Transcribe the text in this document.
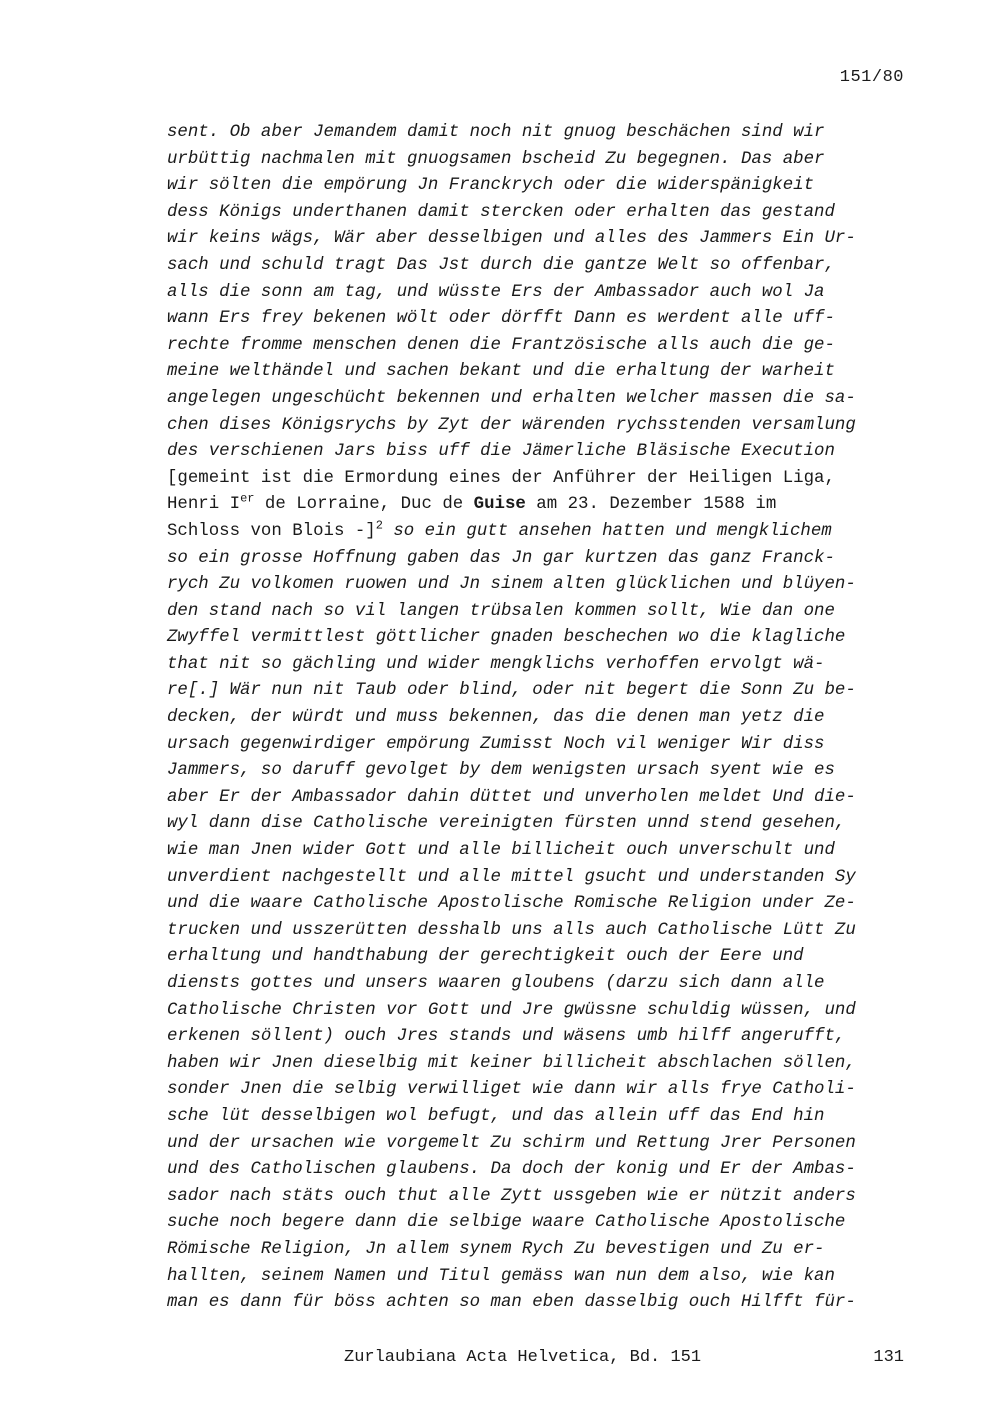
151/80
sent. Ob aber Jemandem damit noch nit gnuog beschächen sind wir
urbüttig nachmalen mit gnuogsamen bscheid Zu begegnen. Das aber
wir sölten die empörung Jn Franckrych oder die widerspänigkeit
dess Königs underthanen damit stercken oder erhalten das gestand
wir keins wägs, Wär aber desselbigen und alles des Jammers Ein Ur-
sach und schuld tragt Das Jst durch die gantze Welt so offenbar,
alls die sonn am tag, und wüsste Ers der Ambassador auch wol Ja
wann Ers frey bekenen wölt oder dörfft Dann es werdent alle uff-
rechte fromme menschen denen die Frantzösische alls auch die ge-
meine welthändel und sachen bekant und die erhaltung der warheit
angelegen ungeschücht bekennen und erhalten welcher massen die sa-
chen dises Königsrychs by Zyt der wärenden rychsstenden versamlung
des verschienen Jars biss uff die Jämerliche Bläsische Execution
[gemeint ist die Ermordung eines der Anführer der Heiligen Liga,
Henri Ier de Lorraine, Duc de Guise am 23. Dezember 1588 im
Schloss von Blois -]$^2$ so ein gutt ansehen hatten und mengklichem
so ein grosse Hoffnung gaben das Jn gar kurtzen das ganz Franck-
rych Zu volkomen ruowen und Jn sinem alten glücklichen und blüyen-
den stand nach so vil langen trübsalen kommen sollt, Wie dan one
Zwyffel vermittlest göttlicher gnaden beschechen wo die klagliche
that nit so gächling und wider mengklichs verhoffen ervolgt wä-
re[.] Wär nun nit Taub oder blind, oder nit begert die Sonn Zu be-
decken, der würdt und muss bekennen, das die denen man yetz die
ursach gegenwirdiger empörung Zumisst Noch vil weniger Wir diss
Jammers, so daruff gevolget by dem wenigsten ursach syent wie es
aber Er der Ambassador dahin düttet und unverholen meldet Und die-
wyl dann dise Catholische vereinigten fürsten unnd stend gesehen,
wie man Jnen wider Gott und alle billicheit ouch unverschult und
unverdient nachgestellt und alle mittel gsucht und understanden Sy
und die waare Catholische Apostolische Romische Religion under Ze-
trucken und usszerütten desshalb uns alls auch Catholische Lütt Zu
erhaltung und handthabung der gerechtigkeit ouch der Eere und
diensts gottes und unsers waaren gloubens (darzu sich dann alle
Catholische Christen vor Gott und Jre gwüssne schuldig wüssen, und
erkenen söllent) ouch Jres stands und wäsens umb hilff angerufft,
haben wir Jnen dieselbig mit keiner billicheit abschlachen söllen,
sonder Jnen die selbig verwilliget wie dann wir alls frye Catholi-
sche lüt desselbigen wol befugt, und das allein uff das End hin
und der ursachen wie vorgemelt Zu schirm und Rettung Jrer Personen
und des Catholischen glaubens. Da doch der konig und Er der Ambas-
sador nach stäts ouch thut alle Zytt ussgeben wie er nützit anders
suche noch begere dann die selbige waare Catholische Apostolische
Römische Religion, Jn allem synem Rych Zu bevestigen und Zu er-
hallten, seinem Namen und Titul gemäss wan nun dem also, wie kan
man es dann für böss achten so man eben dasselbig ouch Hilfft für-
Zurlaubiana Acta Helvetica, Bd. 151	131
